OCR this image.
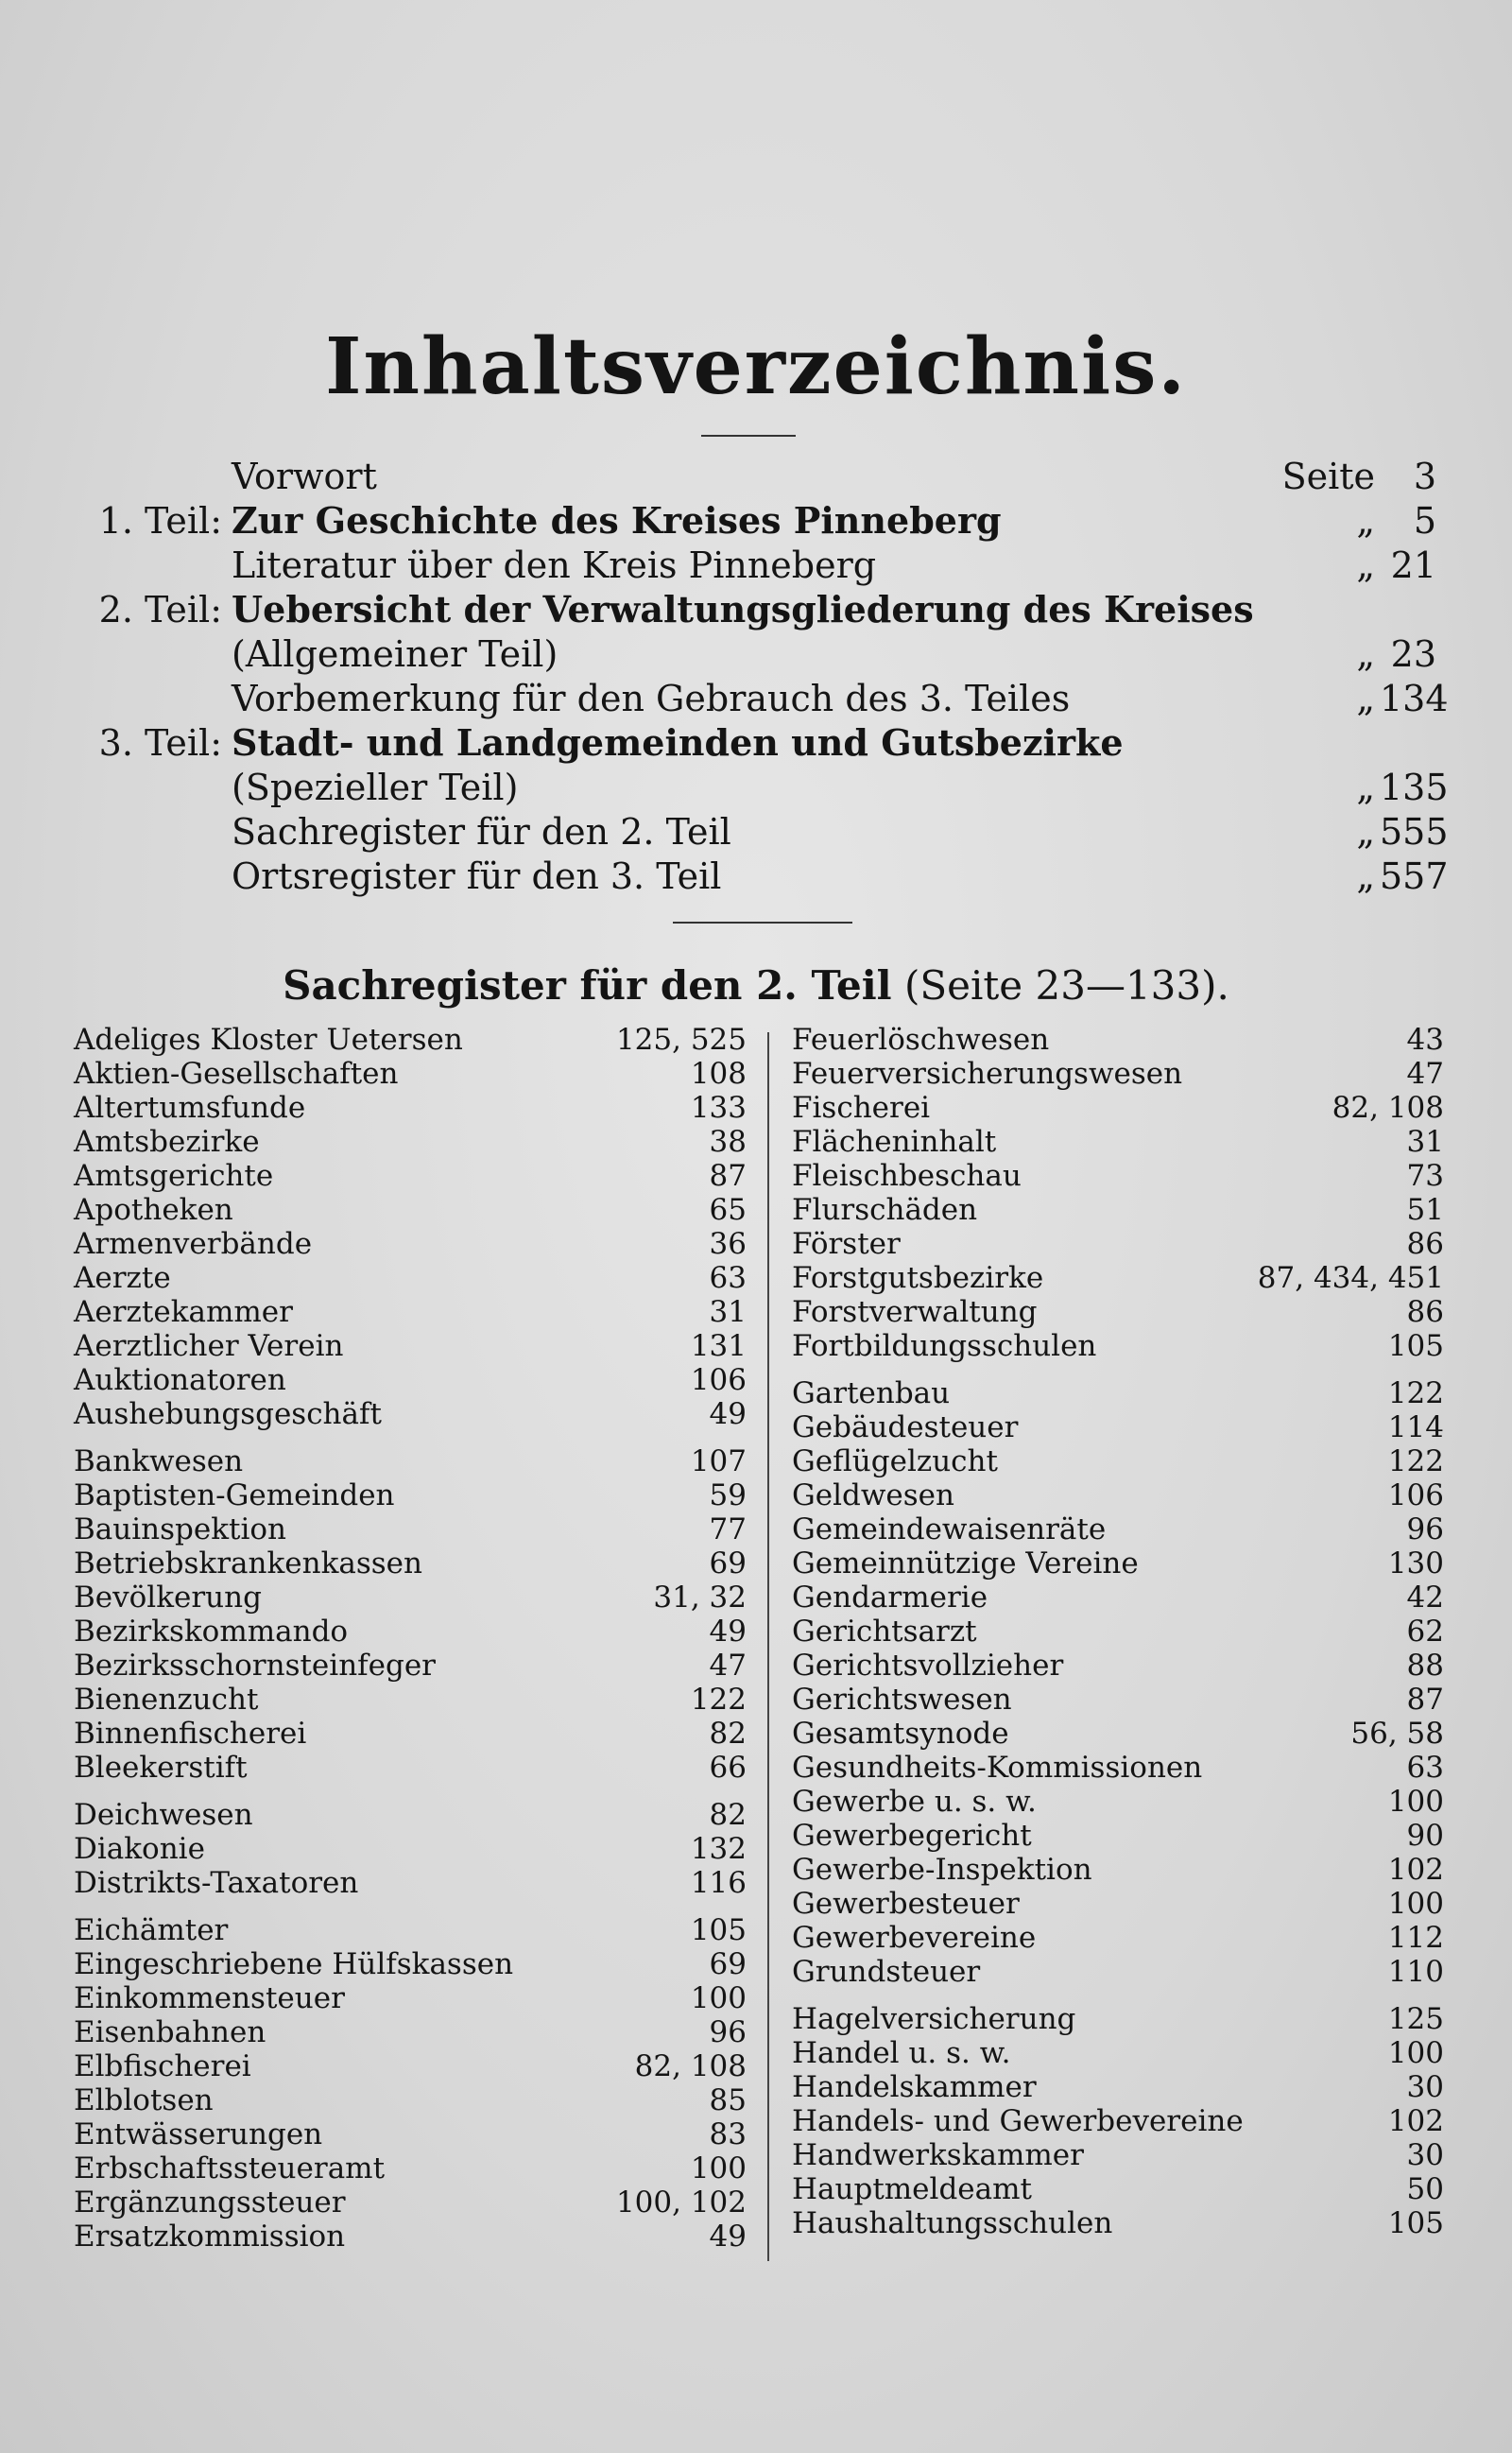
Inhaltsverzeichnis.
Vorwort	Seite	3
1. Teil: Zur Geschichte des Kreises Pinneberg	„	5
Literatur über den Kreis Pinneberg	„ 21
2. Teil: Uebersicht der Verwaltungsgliederung des Kreises
(Allgemeiner Teil)	„ 23
Vorbemerkung für den Gebrauch des 3. Teiles	„ 134
3. Teil: Stadt- und Landgemeinden und Gutsbezirke
(Spezieller Teil)	„ 135
Sachregister für den 2. Teil	„ 555
Ortsregister für den 3. Teil	„ 557
Sachregister für den 2. Teil (Seite 23—133).
Adeliges Kloster Uetersen	125, 525
Aktien-Gesellschaften	108
Altertumsfunde	133
Amtsbezirke	38
Amtsgerichte	87
Apotheken	65
Armenverbände	36
Aerzte	63
Aerztekammer	31
Aerztlicher Verein	131
Auktionatoren	106
Aushebungsgeschäft	49
Bankwesen	107
Baptisten-Gemeinden	59
Bauinspektion	77
Betriebskrankenkassen	69
Bevölkerung	31, 32
Bezirkskommando	49
Bezirksschornsteinfeger	47
Bienenzucht	122
Binnenfischerei	82
Bleekerstift	66
Deichwesen	82
Diakonie	132
Distrikts-Taxatoren	116
Eichämter	105
Eingeschriebene Hülfskassen	69
Einkommensteuer	100
Eisenbahnen	96
Elbfischerei	82, 108
Elblotsen	85
Entwässerungen	83
Erbschaftssteueramt	100
Ergänzungssteuer	100, 102
Ersatzkommission	49
Feuerlöschwesen	43
Feuerversicherungswesen	47
Fischerei	82, 108
Flächeninhalt	31
Fleischbeschau	73
Flurschäden	51
Förster	86
Forstgutsbezirke	87, 434, 451
Forstverwaltung	86
Fortbildungsschulen	105
Gartenbau	122
Gebäudesteuer	114
Geflügelzucht	122
Geldwesen	106
Gemeindewaisenräte	96
Gemeinnützige Vereine	130
Gendarmerie	42
Gerichtsarzt	62
Gerichtsvollzieher	88
Gerichtswesen	87
Gesamtsynode	56, 58
Gesundheits-Kommissionen	63
Gewerbe u. s. w.	100
Gewerbegericht	90
Gewerbe-Inspektion	102
Gewerbesteuer	100
Gewerbevereine	112
Grundsteuer	110
Hagelversicherung	125
Handel u. s. w.	100
Handelskammer	30
Handels- und Gewerbevereine	102
Handwerkskammer	30
Hauptmeldeamt	50
Haushaltungsschulen	105
